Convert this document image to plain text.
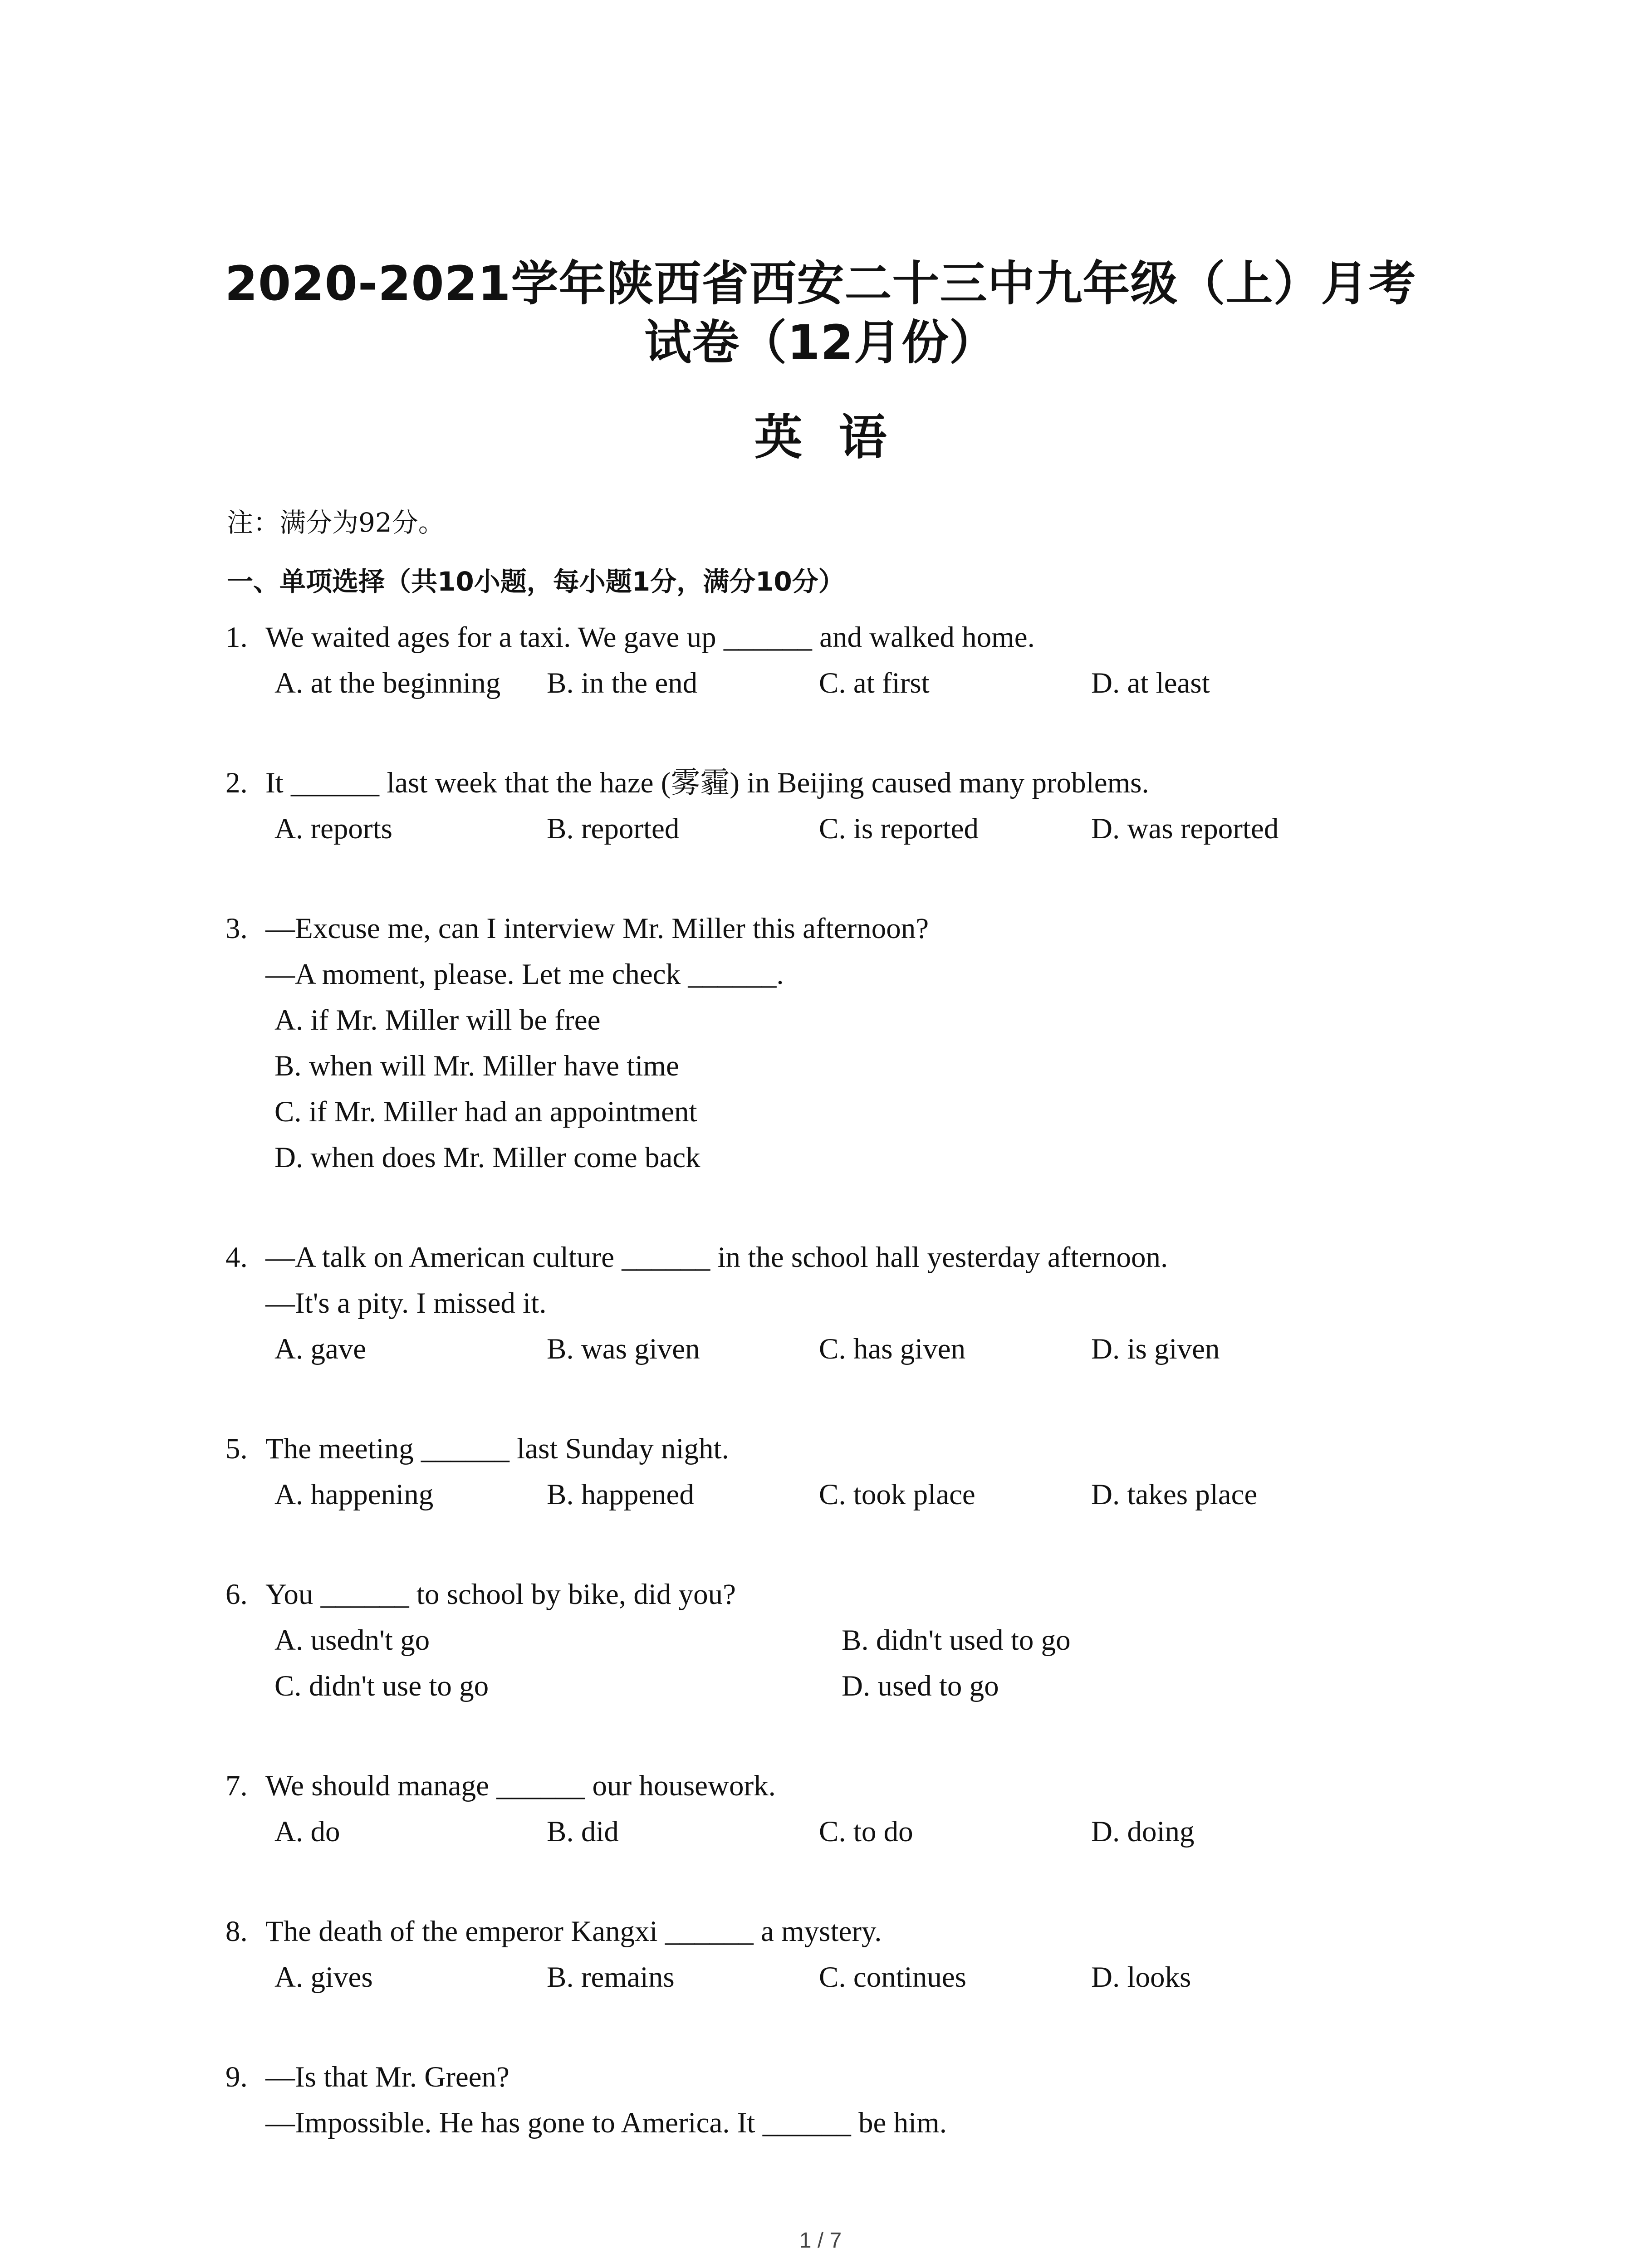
2020-2021学年陕西省西安二十三中九年级（上）月考
试卷（12月份）
英语
注：满分为92分。
一、单项选择（共10小题，每小题1分，满分10分）
1. We waited ages for a taxi. We gave up ______ and walked home.
A. at the beginning B. in the end	C. at first	D. at least
2. It ______ last week that the haze (雾霾) in Beijing caused many problems.
A. reports	B. reported	C. is reported	D. was reported
3. —Excuse me, can I interview Mr. Miller this afternoon?
—A moment, please. Let me check ______.
A. if Mr. Miller will be free
B. when will Mr. Miller have time
C. if Mr. Miller had an appointment
D. when does Mr. Miller come back
4. —A talk on American culture ______ in the school hall yesterday afternoon.
—It's a pity. I missed it.
A. gave	B. was given	C. has given	D. is given
5. The meeting ______ last Sunday night.
A. happening	B. happened	C. took place	D. takes place
6. You ______ to school by bike, did you?
A. usedn't go	B. didn't used to go
C. didn't use to go	D. used to go
7. We should manage ______ our housework.
A. do	B. did	C. to do	D. doing
8. The death of the emperor Kangxi ______ a mystery.
A. gives	B. remains	C. continues	D. looks
9. —Is that Mr. Green?
—Impossible. He has gone to America. It ______ be him.
1 / 7
